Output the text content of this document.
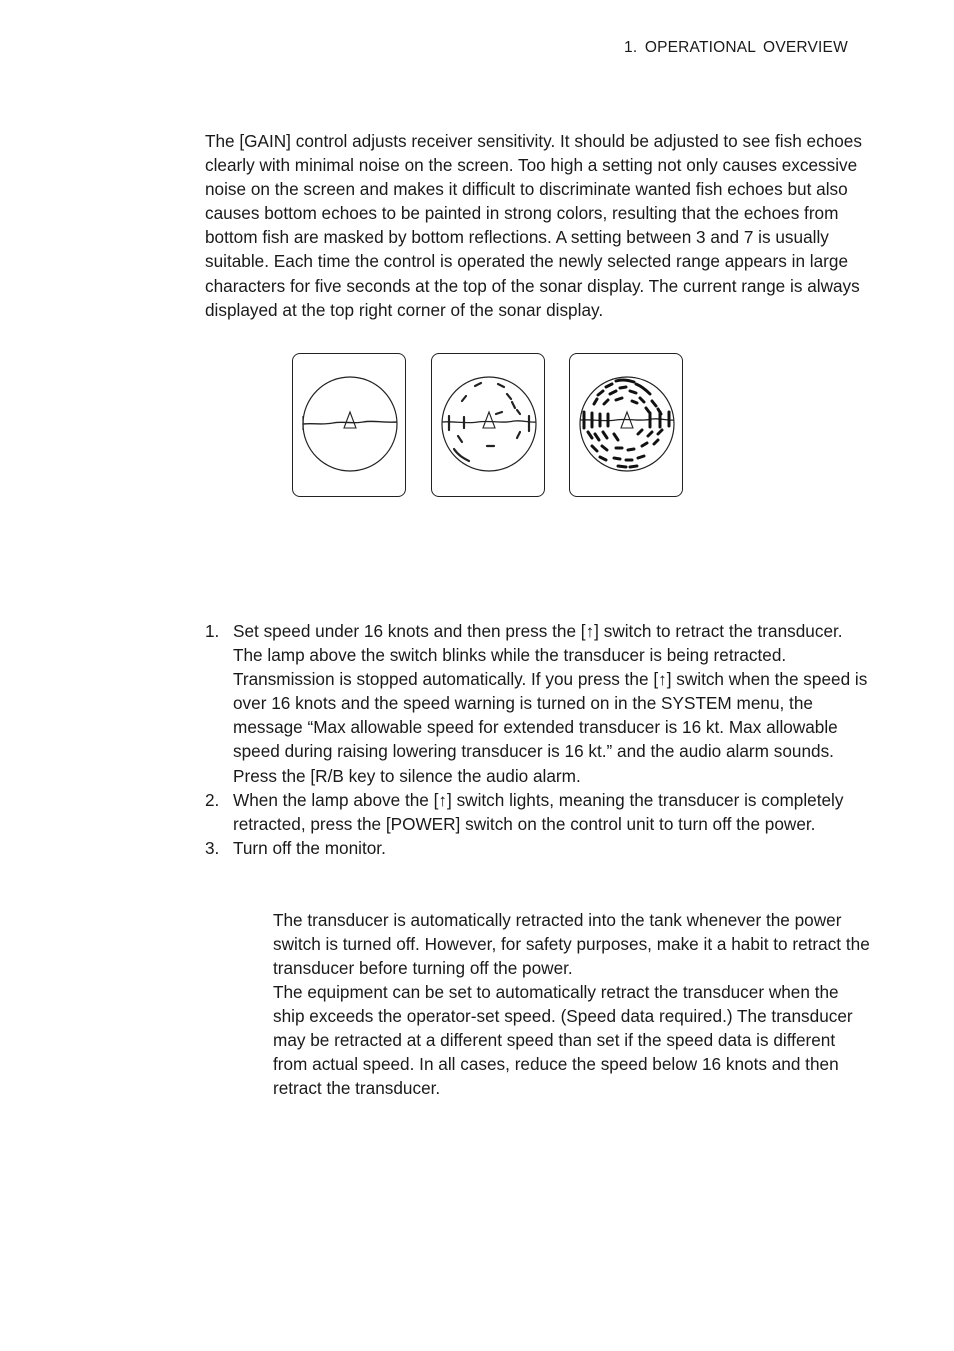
1. OPERATIONAL OVERVIEW

The [GAIN] control adjusts receiver sensitivity. It should be adjusted to see fish echoes clearly with minimal noise on the screen. Too high a setting not only causes excessive noise on the screen and makes it difficult to discriminate wanted fish echoes but also causes bottom echoes to be painted in strong colors, resulting that the echoes from bottom fish are masked by bottom reflections. A setting between 3 and 7 is usually suitable. Each time the control is operated the newly selected range appears in large characters for five seconds at the top of the sonar display. The current range is always displayed at the top right corner of the sonar display.

1. Set speed under 16 knots and then press the [↑] switch to retract the transducer. The lamp above the switch blinks while the transducer is being retracted. Transmission is stopped automatically. If you press the [↑] switch when the speed is over 16 knots and the speed warning is turned on in the SYSTEM menu, the message “Max allowable speed for extended transducer is 16 kt. Max allowable speed during raising lowering transducer is 16 kt.” and the audio alarm sounds. Press the [R/B key to silence the audio alarm.
2. When the lamp above the [↑] switch lights, meaning the transducer is completely retracted, press the [POWER] switch on the control unit to turn off the power.
3. Turn off the monitor.

The transducer is automatically retracted into the tank whenever the power switch is turned off. However, for safety purposes, make it a habit to retract the transducer before turning off the power.

The equipment can be set to automatically retract the transducer when the ship exceeds the operator-set speed. (Speed data required.) The transducer may be retracted at a different speed than set if the speed data is different from actual speed. In all cases, reduce the speed below 16 knots and then retract the transducer.
